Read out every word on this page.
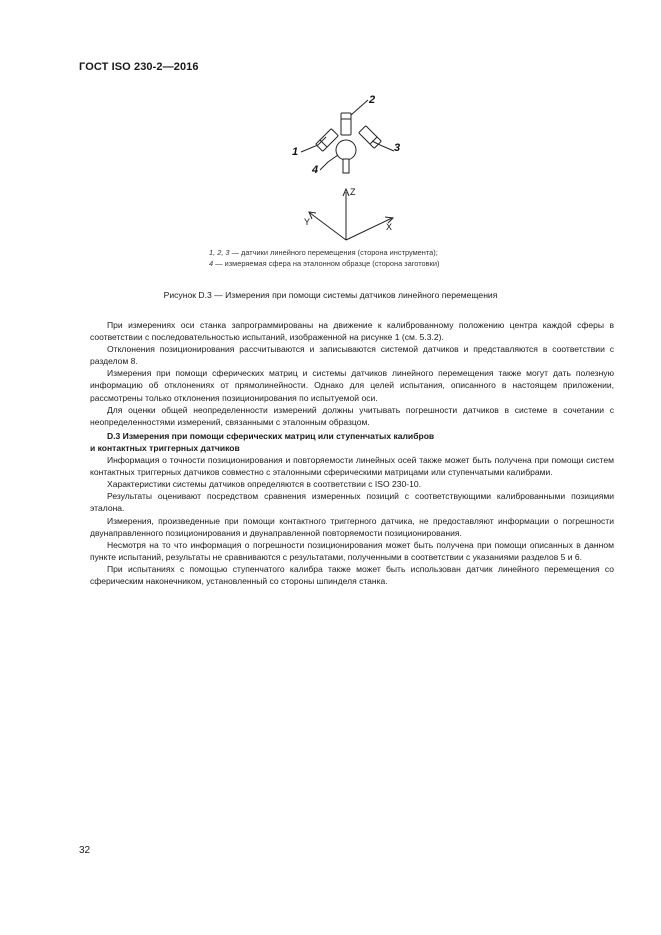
ГОСТ ISO 230-2—2016
1
2
3
4
Z
X
Y
1, 2, 3 — датчики линейного перемещения (сторона инструмента);
4 — измеряемая сфера на эталонном образце (сторона заготовки)
Рисунок D.3 — Измерения при помощи системы датчиков линейного перемещения

При измерениях оси станка запрограммированы на движение к калиброванному положению центра каждой сферы в соответствии с последовательностью испытаний, изображенной на рисунке 1 (см. 5.3.2).

Отклонения позиционирования рассчитываются и записываются системой датчиков и представляются в соответствии с разделом 8.

Измерения при помощи сферических матриц и системы датчиков линейного перемещения также могут дать полезную информацию об отклонениях от прямолинейности. Однако для целей испытания, описанного в настоящем приложении, рассмотрены только отклонения позиционирования по испытуемой оси.

Для оценки общей неопределенности измерений должны учитывать погрешности датчиков в системе в сочетании с неопределенностями измерений, связанными с эталонным образцом.

D.3 Измерения при помощи сферических матриц или ступенчатых калибров
и контактных триггерных датчиков

Информация о точности позиционирования и повторяемости линейных осей также может быть получена при помощи систем контактных триггерных датчиков совместно с эталонными сферическими матрицами или ступенчатыми калибрами.

Характеристики системы датчиков определяются в соответствии с ISO 230-10.

Результаты оценивают посредством сравнения измеренных позиций с соответствующими калиброванными позициями эталона.

Измерения, произведенные при помощи контактного триггерного датчика, не предоставляют информации о погрешности двунаправленного позиционирования и двунаправленной повторяемости позиционирования.

Несмотря на то что информация о погрешности позиционирования может быть получена при помощи описанных в данном пункте испытаний, результаты не сравниваются с результатами, полученными в соответствии с указаниями разделов 5 и 6.

При испытаниях с помощью ступенчатого калибра также может быть использован датчик линейного перемещения со сферическим наконечником, установленный со стороны шпинделя станка.

32
